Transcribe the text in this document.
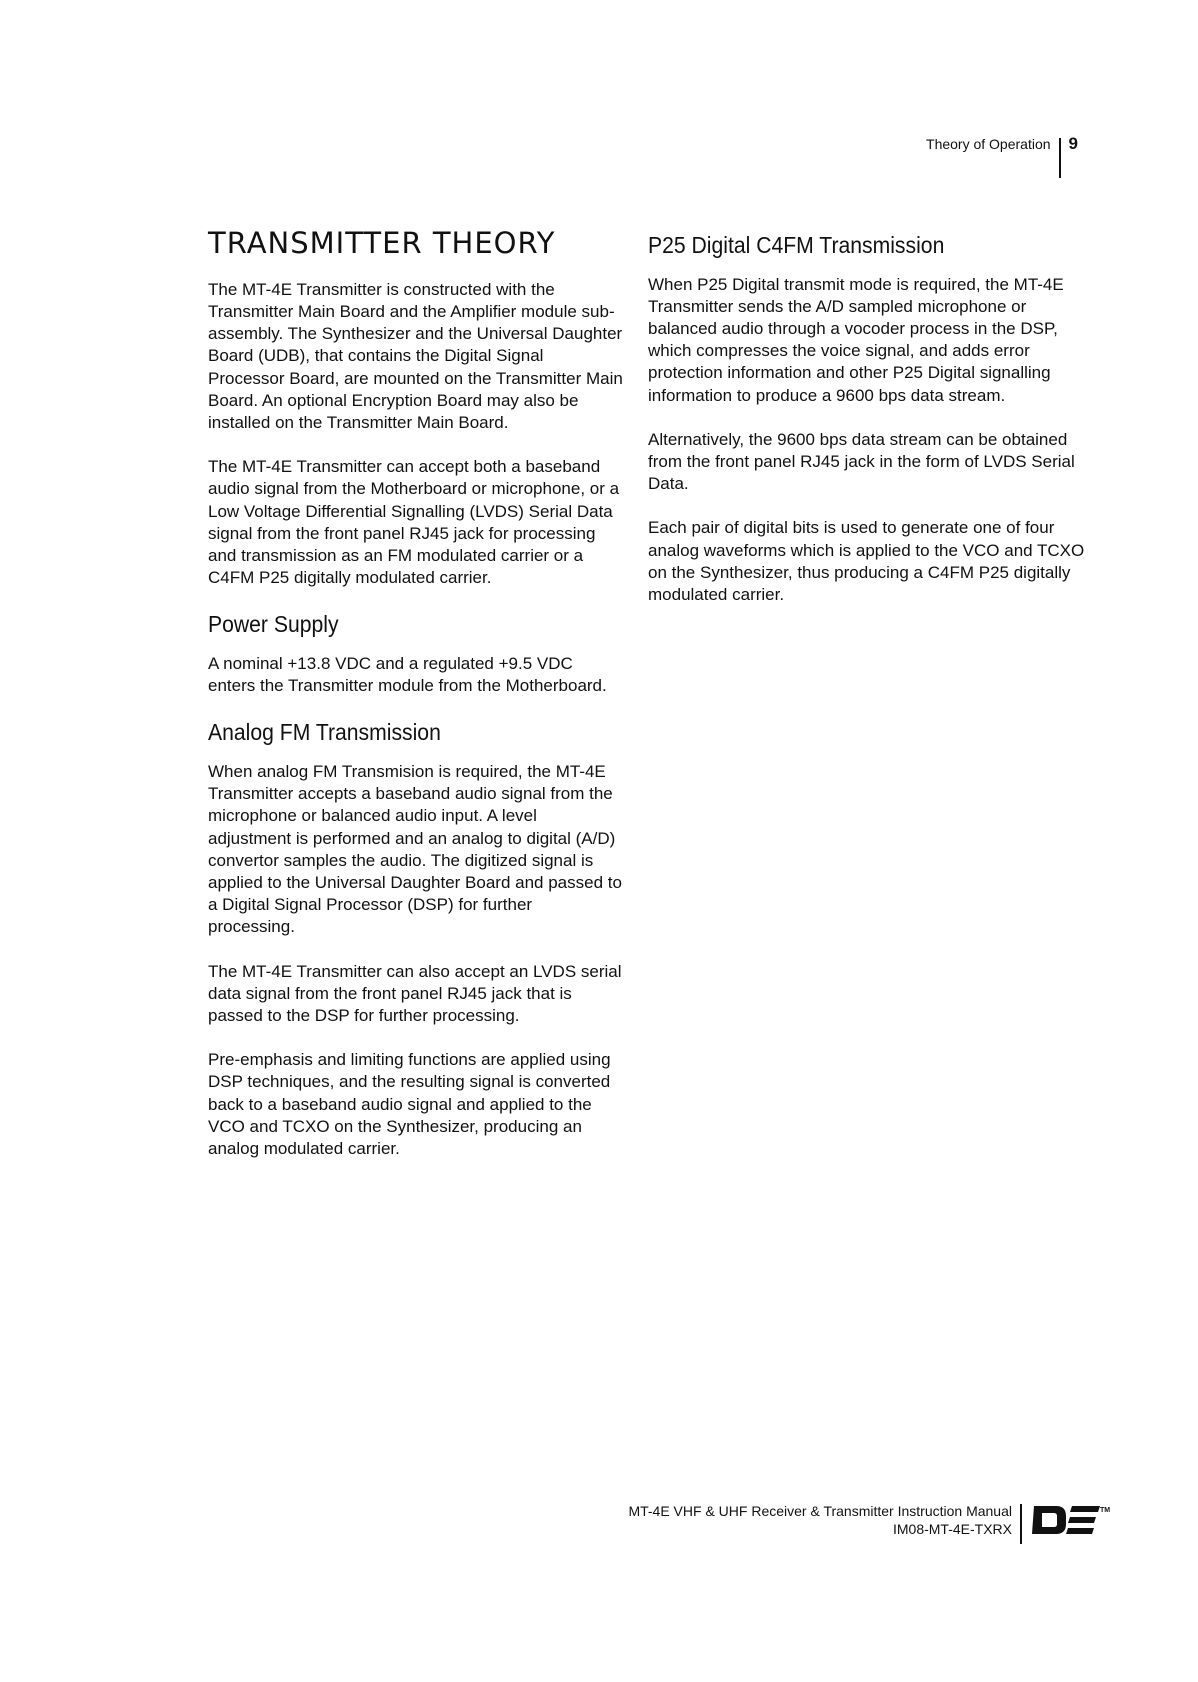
Theory of Operation 9
TRANSMITTER THEORY

The MT-4E Transmitter is constructed with the Transmitter Main Board and the Amplifier module sub-assembly. The Synthesizer and the Universal Daughter Board (UDB), that contains the Digital Signal Processor Board, are mounted on the Transmitter Main Board. An optional Encryption Board may also be installed on the Transmitter Main Board.

The MT-4E Transmitter can accept both a baseband audio signal from the Motherboard or microphone, or a Low Voltage Differential Signalling (LVDS) Serial Data signal from the front panel RJ45 jack for processing and transmission as an FM modulated carrier or a C4FM P25 digitally modulated carrier.

Power Supply

A nominal +13.8 VDC and a regulated +9.5 VDC enters the Transmitter module from the Motherboard.

Analog FM Transmission

When analog FM Transmision is required, the MT-4E Transmitter accepts a baseband audio signal from the microphone or balanced audio input. A level adjustment is performed and an analog to digital (A/D) convertor samples the audio. The digitized signal is applied to the Universal Daughter Board and passed to a Digital Signal Processor (DSP) for further processing.

The MT-4E Transmitter can also accept an LVDS serial data signal from the front panel RJ45 jack that is passed to the DSP for further processing.

Pre-emphasis and limiting functions are applied using DSP techniques, and the resulting signal is converted back to a baseband audio signal and applied to the VCO and TCXO on the Synthesizer, producing an analog modulated carrier.

P25 Digital C4FM Transmission

When P25 Digital transmit mode is required, the MT-4E Transmitter sends the A/D sampled microphone or balanced audio through a vocoder process in the DSP, which compresses the voice signal, and adds error protection information and other P25 Digital signalling information to produce a 9600 bps data stream.

Alternatively, the 9600 bps data stream can be obtained from the front panel RJ45 jack in the form of LVDS Serial Data.

Each pair of digital bits is used to generate one of four analog waveforms which is applied to the VCO and TCXO on the Synthesizer, thus producing a C4FM P25 digitally modulated carrier.

MT-4E VHF & UHF Receiver & Transmitter Instruction Manual
IM08-MT-4E-TXRX
TM
